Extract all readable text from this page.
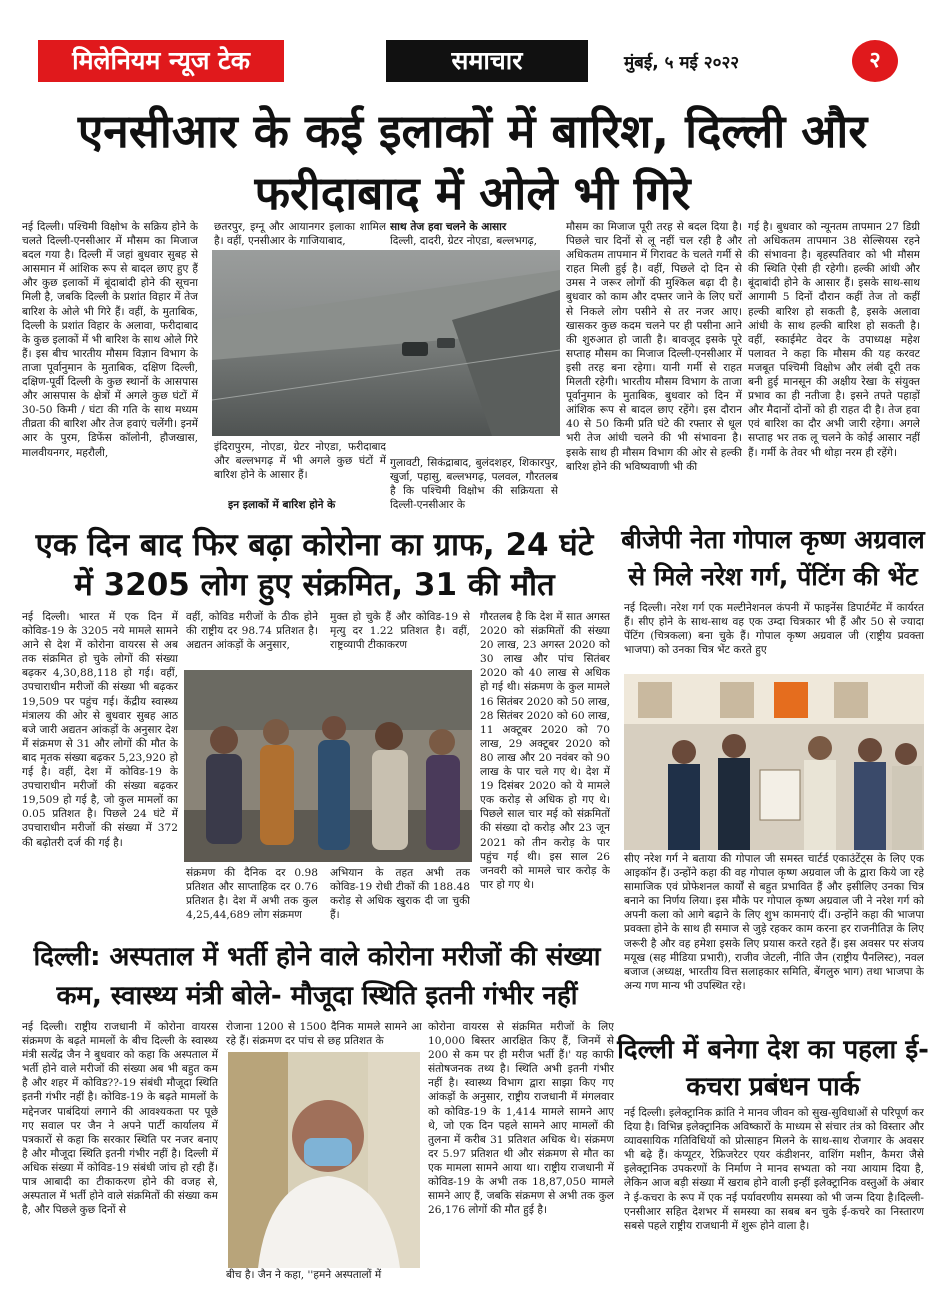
मिलेनियम न्यूज टेक	समाचार	मुंबई, ५ मई २०२२	२
एनसीआर के कई इलाकों में बारिश, दिल्ली और फरीदाबाद में ओले भी गिरे
नई दिल्ली। पश्चिमी विक्षोभ के सक्रिय होने के चलते दिल्ली-एनसीआर में मौसम का मिजाज बदल गया है। दिल्ली में जहां बुधवार सुबह से आसमान में आंशिक रूप से बादल छाए हुए हैं और कुछ इलाकों में बूंदाबांदी होने की सूचना मिली है, जबकि दिल्ली के प्रशांत विहार में तेज बारिश के ओले भी गिरे हैं। वहीं, के मुताबिक, दिल्ली के प्रशांत विहार के अलावा, फरीदाबाद के कुछ इलाकों में भी बारिश के साथ ओले गिरे हैं। इस बीच भारतीय मौसम विज्ञान विभाग के ताजा पूर्वानुमान के मुताबिक, दक्षिण दिल्ली, दक्षिण-पूर्वी दिल्ली के कुछ स्थानों के आसपास और आसपास के क्षेत्रों में अगले कुछ घंटों में 30-50 किमी / घंटा की गति के साथ मध्यम तीव्रता की बारिश और तेज हवाएं चलेंगी। इनमें आर के पुरम, डिफेंस कॉलोनी, हौजखास, मालवीयनगर, महरौली,
छतरपुर, इग्नू और आयानगर इलाका शामिल है। वहीं, एनसीआर के गाजियाबाद,
इंदिरापुरम, नोएडा, ग्रेटर नोएडा, फरीदाबाद और बल्लभगढ़ में भी अगले कुछ घंटों में बारिश होने के आसार हैं।
इन इलाकों में बारिश होने के
साथ तेज हवा चलने के आसार
दिल्ली, दादरी, ग्रेटर नोएडा, बल्लभगढ़,
गुलावटी, सिकंद्राबाद, बुलंदशहर, शिकारपुर, खुर्जा, पहासु, बल्लभगढ़, पलवल, गौरतलब है कि पश्चिमी विक्षोभ की सक्रियता से दिल्ली-एनसीआर के
मौसम का मिजाज पूरी तरह से बदल दिया है। पिछले चार दिनों से लू नहीं चल रही है और अधिकतम तापमान में गिरावट के चलते गर्मी से राहत मिली हुई है। वहीं, पिछले दो दिन से उमस ने जरूर लोगों की मुश्किल बढ़ा दी है। बुधवार को काम और दफ्तर जाने के लिए घरों से निकले लोग पसीने से तर नजर आए। खासकर कुछ कदम चलने पर ही पसीना आने की शुरुआत हो जाती है। बावजूद इसके पूरे सप्ताह मौसम का मिजाज दिल्ली-एनसीआर में इसी तरह बना रहेगा। यानी गर्मी से राहत मिलती रहेगी। भारतीय मौसम विभाग के ताजा पूर्वानुमान के मुताबिक, बुधवार को दिन में आंशिक रूप से बादल छाए रहेंगे। इस दौरान 40 से 50 किमी प्रति घंटे की रफ्तार से धूल भरी तेज आंधी चलने की भी संभावना है। इसके साथ ही मौसम विभाग की ओर से हल्की बारिश होने की भविष्यवाणी भी की
गई है। बुधवार को न्यूनतम तापमान 27 डिग्री तो अधिकतम तापमान 38 सेल्सियस रहने की संभावना है। बृहस्पतिवार को भी मौसम की स्थिति ऐसी ही रहेगी। हल्की आंधी और बूंदाबांदी होने के आसार हैं। इसके साथ-साथ आगामी 5 दिनों दौरान कहीं तेज तो कहीं हल्की बारिश हो सकती है, इसके अलावा आंधी के साथ हल्की बारिश हो सकती है। वहीं, स्काईमेट वेदर के उपाध्यक्ष महेश पलावत ने कहा कि मौसम की यह करवट मजबूत पश्चिमी विक्षोभ और लंबी दूरी तक बनी हुई मानसून की अक्षीय रेखा के संयुक्त प्रभाव का ही नतीजा है। इसने तपते पहाड़ों और मैदानों दोनों को ही राहत दी है। तेज हवा एवं बारिश का दौर अभी जारी रहेगा। अगले सप्ताह भर तक लू चलने के कोई आसार नहीं हैं। गर्मी के तेवर भी थोड़ा नरम ही रहेंगे।
एक दिन बाद फिर बढ़ा कोरोना का ग्राफ, 24 घंटे में 3205 लोग हुए संक्रमित, 31 की मौत
नई दिल्ली। भारत में एक दिन में कोविड-19 के 3205 नये मामले सामने आने से देश में कोरोना वायरस से अब तक संक्रमित हो चुके लोगों की संख्या बढ़कर 4,30,88,118 हो गई। वहीं, उपचाराधीन मरीजों की संख्या भी बढ़कर 19,509 पर पहुंच गई। केंद्रीय स्वास्थ्य मंत्रालय की ओर से बुधवार सुबह आठ बजे जारी अद्यतन आंकड़ों के अनुसार देश में संक्रमण से 31 और लोगों की मौत के बाद मृतक संख्या बढ़कर 5,23,920 हो गई है। वहीं, देश में कोविड-19 के उपचाराधीन मरीजों की संख्या बढ़कर 19,509 हो गई है, जो कुल मामलों का 0.05 प्रतिशत है। पिछले 24 घंटे में उपचाराधीन मरीजों की संख्या में 372 की बढ़ोतरी दर्ज की गई है।
वहीं, कोविड मरीजों के ठीक होने की राष्ट्रीय दर 98.74 प्रतिशत है। अद्यतन आंकड़ों के अनुसार,
मुक्त हो चुके हैं और कोविड-19 से मृत्यु दर 1.22 प्रतिशत है। वहीं, राष्ट्रव्यापी टीकाकरण
संक्रमण की दैनिक दर 0.98 प्रतिशत और साप्ताहिक दर 0.76 प्रतिशत है। देश में अभी तक कुल 4,25,44,689 लोग संक्रमण
अभियान के तहत अभी तक कोविड-19 रोधी टीकों की 188.48 करोड़ से अधिक खुराक दी जा चुकी हैं।
गौरतलब है कि देश में सात अगस्त 2020 को संक्रमितों की संख्या 20 लाख, 23 अगस्त 2020 को 30 लाख और पांच सितंबर 2020 को 40 लाख से अधिक हो गई थी। संक्रमण के कुल मामले 16 सितंबर 2020 को 50 लाख, 28 सितंबर 2020 को 60 लाख, 11 अक्टूबर 2020 को 70 लाख, 29 अक्टूबर 2020 को 80 लाख और 20 नवंबर को 90 लाख के पार चले गए थे। देश में 19 दिसंबर 2020 को ये मामले एक करोड़ से अधिक हो गए थे। पिछले साल चार मई को संक्रमितों की संख्या दो करोड़ और 23 जून 2021 को तीन करोड़ के पार पहुंच गई थी। इस साल 26 जनवरी को मामले चार करोड़ के पार हो गए थे।
बीजेपी नेता गोपाल कृष्ण अग्रवाल से मिले नरेश गर्ग, पेंटिंग की भेंट
नई दिल्ली। नरेश गर्ग एक मल्टीनेशनल कंपनी में फाइनेंस डिपार्टमेंट में कार्यरत हैं। सीए होने के साथ-साथ वह एक उम्दा चित्रकार भी हैं और 50 से ज्यादा पेंटिंग (चित्रकला) बना चुके हैं। गोपाल कृष्ण अग्रवाल जी (राष्ट्रीय प्रवक्ता भाजपा) को उनका चित्र भेंट करते हुए
सीए नरेश गर्ग ने बताया की गोपाल जी समस्त चार्टर्ड एकाउंटेंट्स के लिए एक आइकॉन हैं। उन्होंने कहा की वह गोपाल कृष्ण अग्रवाल जी के द्वारा किये जा रहे सामाजिक एवं प्रोफेशनल कार्यों से बहुत प्रभावित हैं और इसीलिए उनका चित्र बनाने का निर्णय लिया। इस मौके पर गोपाल कृष्ण अग्रवाल जी ने नरेश गर्ग को अपनी कला को आगे बढ़ाने के लिए शुभ कामनाएं दीं। उन्होंने कहा की भाजपा प्रवक्ता होने के साथ ही समाज से जुड़े रहकर काम करना हर राजनीतिज्ञ के लिए जरूरी है और वह हमेशा इसके लिए प्रयास करते रहते हैं। इस अवसर पर संजय मयूख (सह मीडिया प्रभारी), राजीव जेटली, नीति जैन (राष्ट्रीय पैनलिस्ट), नवल बजाज (अध्यक्ष, भारतीय वित्त सलाहकार समिति, बेंगलुरु भाग) तथा भाजपा के अन्य गण मान्य भी उपस्थित रहे।
दिल्ली: अस्पताल में भर्ती होने वाले कोरोना मरीजों की संख्या कम, स्वास्थ्य मंत्री बोले- मौजूदा स्थिति इतनी गंभीर नहीं
नई दिल्ली। राष्ट्रीय राजधानी में कोरोना वायरस संक्रमण के बढ़ते मामलों के बीच दिल्ली के स्वास्थ्य मंत्री सत्येंद्र जैन ने बुधवार को कहा कि अस्पताल में भर्ती होने वाले मरीजों की संख्या अब भी बहुत कम है और शहर में कोविड??-19 संबंधी मौजूदा स्थिति इतनी गंभीर नहीं है। कोविड-19 के बढ़ते मामलों के मद्देनजर पाबंदियां लगाने की आवश्यकता पर पूछे गए सवाल पर जैन ने अपने पार्टी कार्यालय में पत्रकारों से कहा कि सरकार स्थिति पर नजर बनाए है और मौजूदा स्थिति इतनी गंभीर नहीं है। दिल्ली में अधिक संख्या में कोविड-19 संबंधी जांच हो रही हैं। पात्र आबादी का टीकाकरण होने की वजह से, अस्पताल में भर्ती होने वाले संक्रमितों की संख्या कम है, और पिछले कुछ दिनों से
रोजाना 1200 से 1500 दैनिक मामले सामने आ रहे हैं। संक्रमण दर पांच से छह प्रतिशत के
बीच है। जैन ने कहा, ''हमने अस्पतालों में
कोरोना वायरस से संक्रमित मरीजों के लिए 10,000 बिस्तर आरक्षित किए हैं, जिनमें से 200 से कम पर ही मरीज भर्ती हैं।' यह काफी संतोषजनक तथ्य है। स्थिति अभी इतनी गंभीर नहीं है। स्वास्थ्य विभाग द्वारा साझा किए गए आंकड़ों के अनुसार, राष्ट्रीय राजधानी में मंगलवार को कोविड-19 के 1,414 मामले सामने आए थे, जो एक दिन पहले सामने आए मामलों की तुलना में करीब 31 प्रतिशत अधिक थे। संक्रमण दर 5.97 प्रतिशत थी और संक्रमण से मौत का एक मामला सामने आया था। राष्ट्रीय राजधानी में कोविड-19 के अभी तक 18,87,050 मामले सामने आए हैं, जबकि संक्रमण से अभी तक कुल 26,176 लोगों की मौत हुई है।
दिल्ली में बनेगा देश का पहला ई-कचरा प्रबंधन पार्क
नई दिल्ली। इलेक्ट्रानिक क्रांति ने मानव जीवन को सुख-सुविधाओं से परिपूर्ण कर दिया है। विभिन्न इलेक्ट्रानिक अविष्कारों के माध्यम से संचार तंत्र को विस्तार और व्यावसायिक गतिविधियों को प्रोत्साहन मिलने के साथ-साथ रोजगार के अवसर भी बढ़े हैं। कंप्यूटर, रेफ्रिजरेटर एयर कंडीशनर, वाशिंग मशीन, कैमरा जैसे इलेक्ट्रानिक उपकरणों के निर्माण ने मानव सभ्यता को नया आयाम दिया है, लेकिन आज बड़ी संख्या में खराब होने वाली इन्हीं इलेक्ट्रानिक वस्तुओं के अंबार ने ई-कचरा के रूप में एक नई पर्यावरणीय समस्या को भी जन्म दिया है।दिल्ली-एनसीआर सहित देशभर में समस्या का सबब बन चुके ई-कचरे का निस्तारण सबसे पहले राष्ट्रीय राजधानी में शुरू होने वाला है।
